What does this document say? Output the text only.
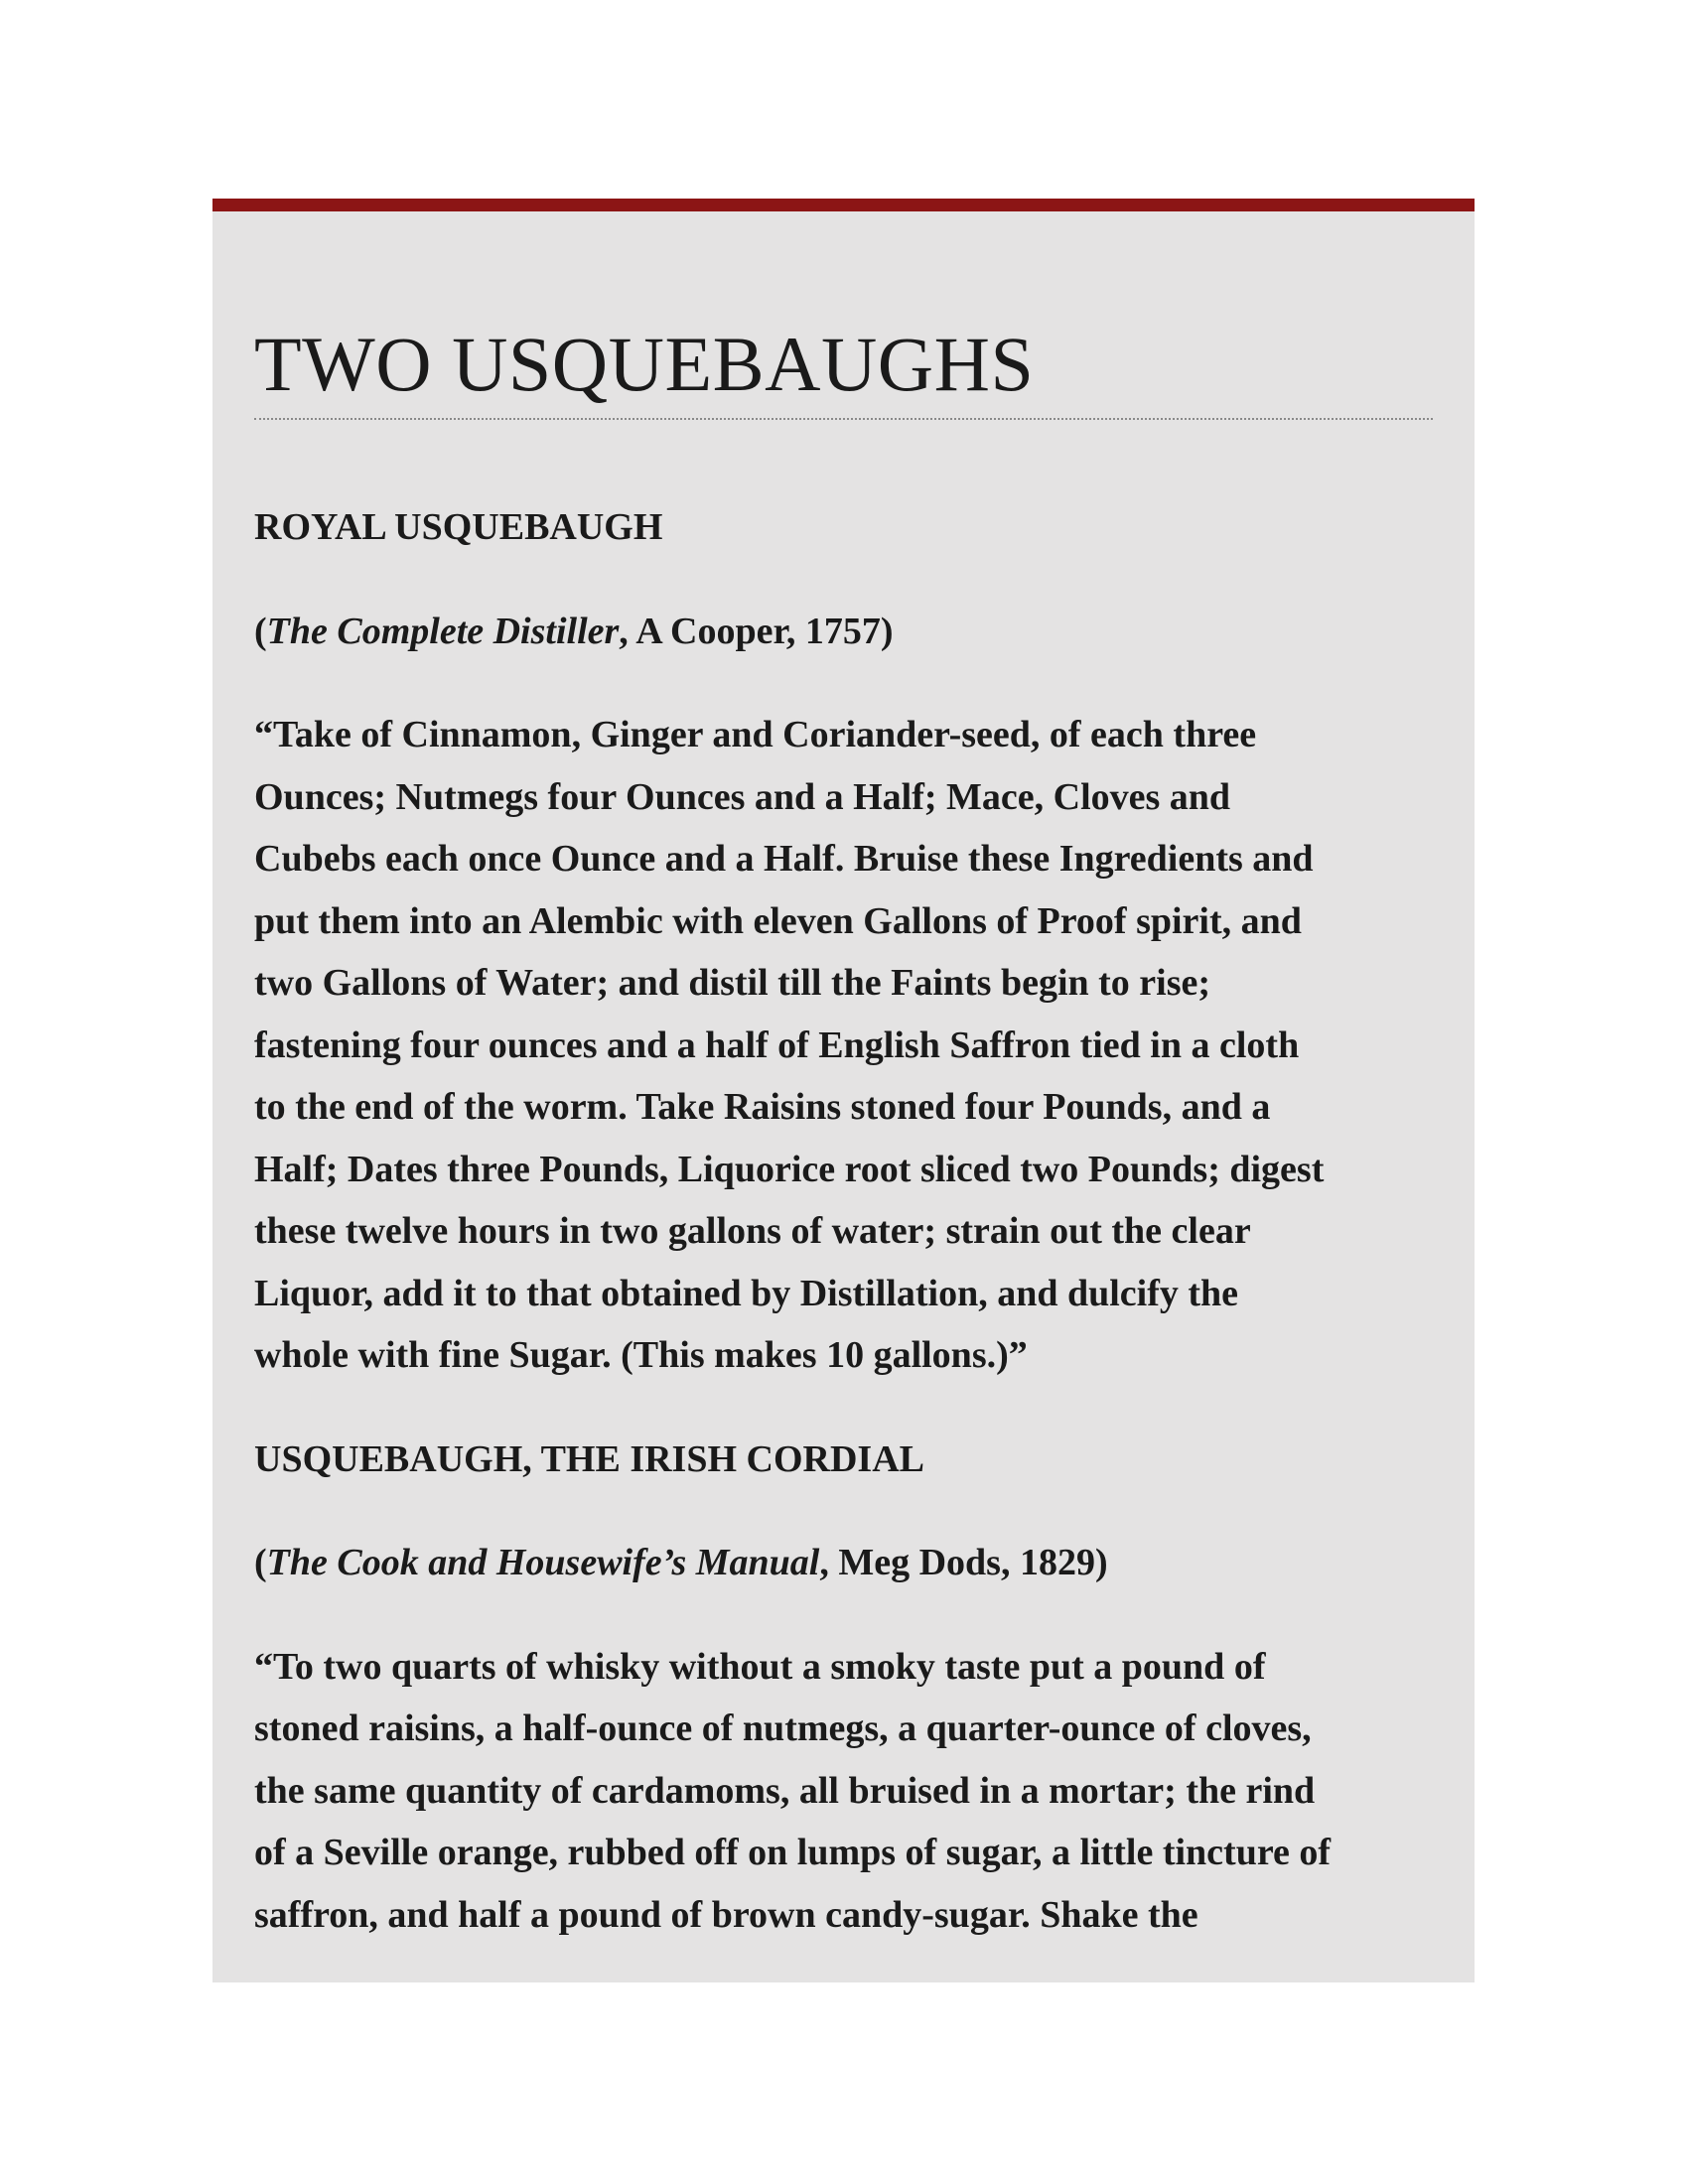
TWO USQUEBAUGHS

ROYAL USQUEBAUGH

(The Complete Distiller, A Cooper, 1757)

“Take of Cinnamon, Ginger and Coriander-seed, of each three
Ounces; Nutmegs four Ounces and a Half; Mace, Cloves and
Cubebs each once Ounce and a Half. Bruise these Ingredients and
put them into an Alembic with eleven Gallons of Proof spirit, and
two Gallons of Water; and distil till the Faints begin to rise;
fastening four ounces and a half of English Saffron tied in a cloth
to the end of the worm. Take Raisins stoned four Pounds, and a
Half; Dates three Pounds, Liquorice root sliced two Pounds; digest
these twelve hours in two gallons of water; strain out the clear
Liquor, add it to that obtained by Distillation, and dulcify the
whole with fine Sugar. (This makes 10 gallons.)”

USQUEBAUGH, THE IRISH CORDIAL

(The Cook and Housewife’s Manual, Meg Dods, 1829)

“To two quarts of whisky without a smoky taste put a pound of
stoned raisins, a half-ounce of nutmegs, a quarter-ounce of cloves,
the same quantity of cardamoms, all bruised in a mortar; the rind
of a Seville orange, rubbed off on lumps of sugar, a little tincture of
saffron, and half a pound of brown candy-sugar. Shake the
